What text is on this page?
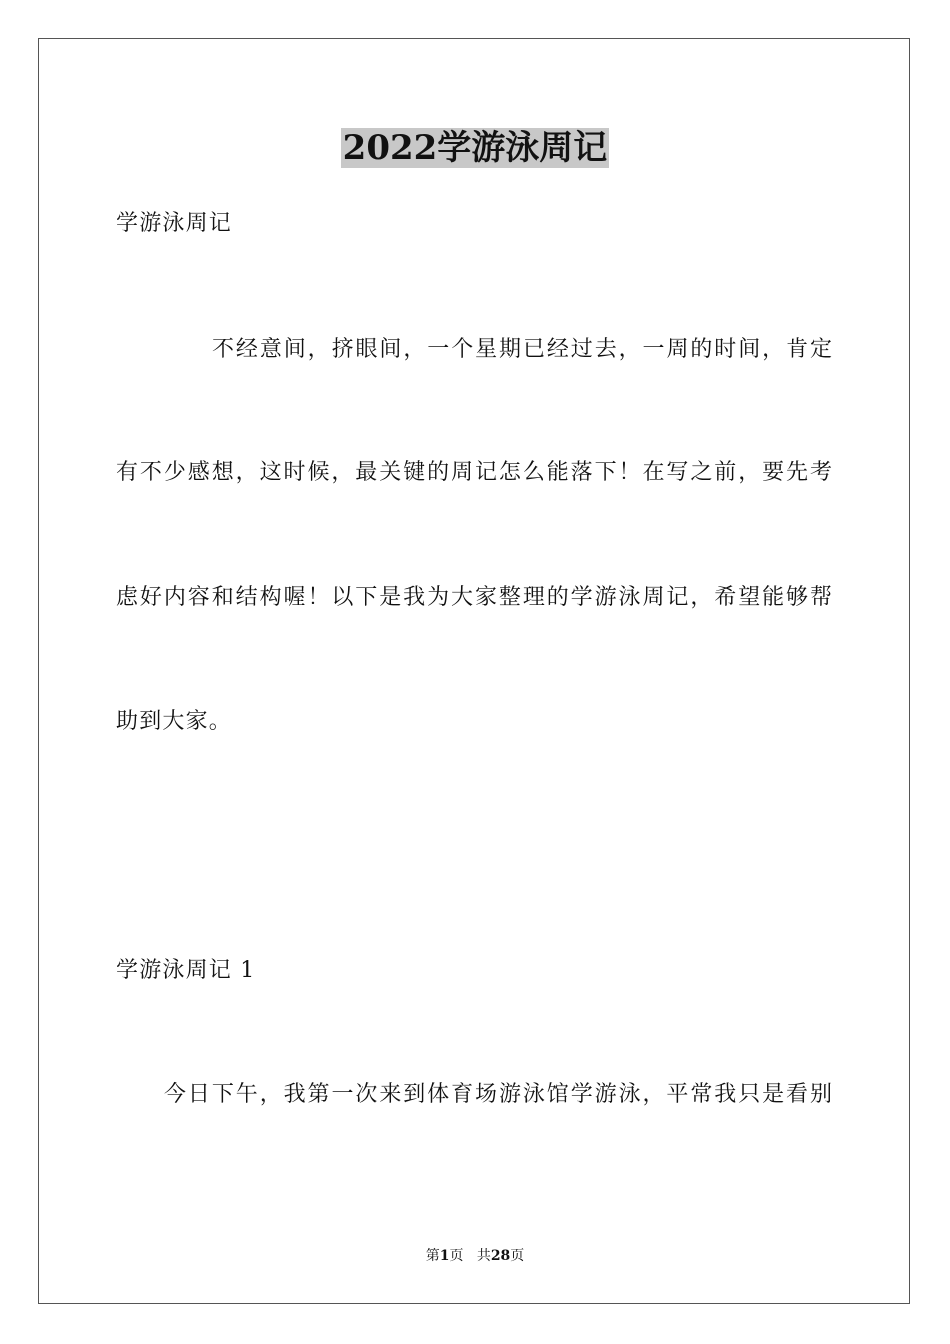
2022学游泳周记
学游泳周记
不经意间，挤眼间，一个星期已经过去，一周的时间，肯定
有不少感想，这时候，最关键的周记怎么能落下！在写之前，要先考
虑好内容和结构喔！以下是我为大家整理的学游泳周记，希望能够帮
助到大家。
学游泳周记 1
今日下午，我第一次来到体育场游泳馆学游泳，平常我只是看别
第1页 共28页
